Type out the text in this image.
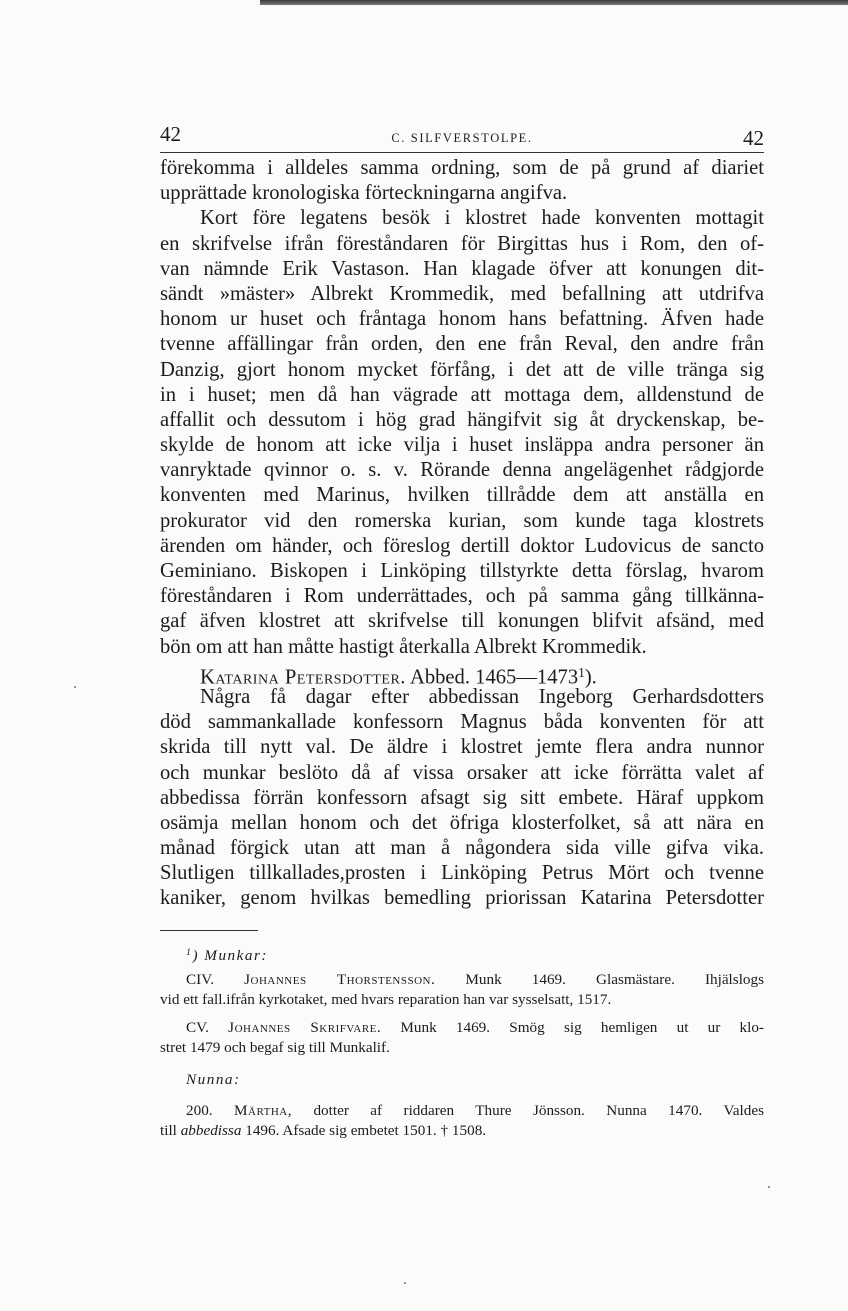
42	C. SILFVERSTOLPE.	42
förekomma i alldeles samma ordning, som de på grund af diariet
upprättade kronologiska förteckningarna angifva.
Kort före legatens besök i klostret hade konventen mottagit
en skrifvelse ifrån föreståndaren för Birgittas hus i Rom, den of-
van nämnde Erik Vastason. Han klagade öfver att konungen dit-
sändt »mäster» Albrekt Krommedik, med befallning att utdrifva
honom ur huset och fråntaga honom hans befattning. Äfven hade
tvenne affällingar från orden, den ene från Reval, den andre från
Danzig, gjort honom mycket förfång, i det att de ville tränga sig
in i huset; men då han vägrade att mottaga dem, alldenstund de
affallit och dessutom i hög grad hängifvit sig åt dryckenskap, be-
skylde de honom att icke vilja i huset insläppa andra personer än
vanryktade qvinnor o. s. v. Rörande denna angelägenhet rådgjorde
konventen med Marinus, hvilken tillrådde dem att anställa en
prokurator vid den romerska kurian, som kunde taga klostrets
ärenden om händer, och föreslog dertill doktor Ludovicus de sancto
Geminiano. Biskopen i Linköping tillstyrkte detta förslag, hvarom
föreståndaren i Rom underrättades, och på samma gång tillkänna-
gaf äfven klostret att skrifvelse till konungen blifvit afsänd, med
bön om att han måtte hastigt återkalla Albrekt Krommedik.
Katarina Petersdotter. Abbed. 1465—1473$^1$).
Några få dagar efter abbedissan Ingeborg Gerhardsdotters
död sammankallade konfessorn Magnus båda konventen för att
skrida till nytt val. De äldre i klostret jemte flera andra nunnor
och munkar beslöto då af vissa orsaker att icke förrätta valet af
abbedissa förrän konfessorn afsagt sig sitt embete. Häraf uppkom
osämja mellan honom och det öfriga klosterfolket, så att nära en
månad förgick utan att man å någondera sida ville gifva vika.
Slutligen tillkallades,prosten i Linköping Petrus Mört och tvenne
kaniker, genom hvilkas bemedling priorissan Katarina Petersdotter
$^1$) Munkar:
CIV. Johannes Thorstensson. Munk 1469. Glasmästare. Ihjälslogs
vid ett fall.ifrån kyrkotaket, med hvars reparation han var sysselsatt, 1517.
CV. Johannes Skrifvare. Munk 1469. Smög sig hemligen ut ur klo-
stret 1479 och begaf sig till Munkalif.
Nunna:
200. Märtha, dotter af riddaren Thure Jönsson. Nunna 1470. Valdes
till abbedissa 1496. Afsade sig embetet 1501. † 1508.
